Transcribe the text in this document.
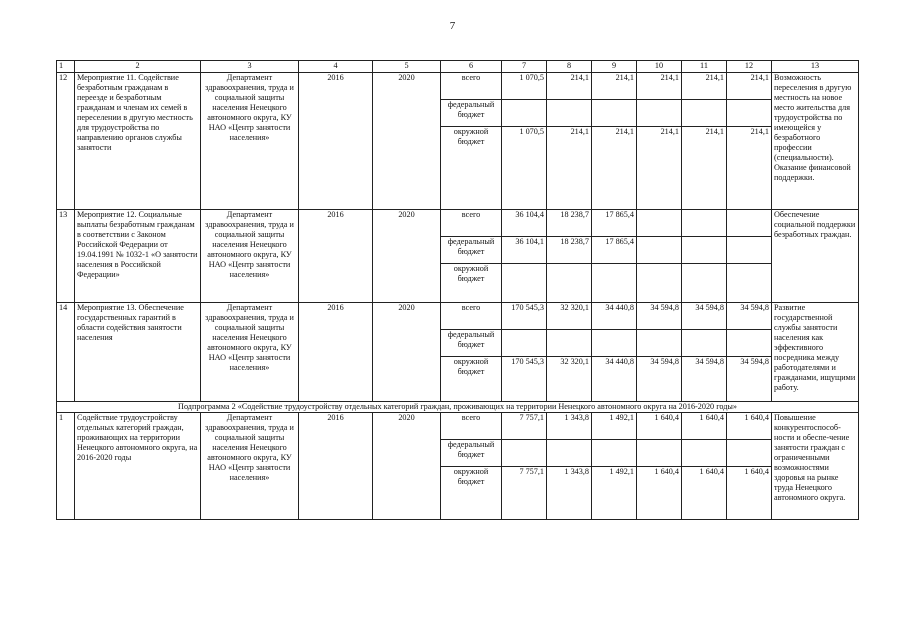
7
1	2	3	4	5	6	7	8	9	10	11	12	13
12	Мероприятие 11. Содействие безработным гражданам в переезде и безработным гражданам и членам их семей в переселении в другую местность для трудоустройства по направлению органов службы занятости	Департамент здравоохранения, труда и социальной защиты населения Ненецкого автономного округа, КУ НАО «Центр занятости населения»	2016	2020	всего	1 070,5	214,1	214,1	214,1	214,1	214,1	Возможность переселения в другую местность на новое место жительства для трудоустройства по имеющейся у безработного профессии (специальности). Оказание финансовой поддержки.
					федеральный бюджет							
					окружной бюджет	1 070,5	214,1	214,1	214,1	214,1	214,1	
13	Мероприятие 12. Социальные выплаты безработным гражданам в соответствии с Законом Российской Федерации от 19.04.1991 № 1032-1 «О занятости населения в Российской Федерации»	Департамент здравоохранения, труда и социальной защиты населения Ненецкого автономного округа, КУ НАО «Центр занятости населения»	2016	2020	всего	36 104,4	18 238,7	17 865,4				Обеспечение социальной поддержки безработных граждан.
					федеральный бюджет	36 104,1	18 238,7	17 865,4				
					окружной бюджет							
14	Мероприятие 13. Обеспечение государственных гарантий в области содействия занятости населения	Департамент здравоохранения, труда и социальной защиты населения Ненецкого автономного округа, КУ НАО «Центр занятости населения»	2016	2020	всего	170 545,3	32 320,1	34 440,8	34 594,8	34 594,8	34 594,8	Развитие государственной службы занятости населения как эффективного посредника между работодателями и гражданами, ищущими работу.
					федеральный бюджет							
					окружной бюджет	170 545,3	32 320,1	34 440,8	34 594,8	34 594,8	34 594,8	
Подпрограмма 2 «Содействие трудоустройству отдельных категорий граждан, проживающих на территории Ненецкого автономного округа на 2016-2020 годы»												
1	Содействие трудоустройству отдельных категорий граждан, проживающих на территории Ненецкого автономного округа, на 2016-2020 годы	Департамент здравоохранения, труда и социальной защиты населения Ненецкого автономного округа, КУ НАО «Центр занятости населения»	2016	2020	всего	7 757,1	1 343,8	1 492,1	1 640,4	1 640,4	1 640,4	Повышение конкурентоспособ-ности и обеспе-чение занятости граждан с ограниченными возможностями здоровья на рынке труда Ненецкого автономного округа.
					федеральный бюджет							
					окружной бюджет	7 757,1	1 343,8	1 492,1	1 640,4	1 640,4	1 640,4	
